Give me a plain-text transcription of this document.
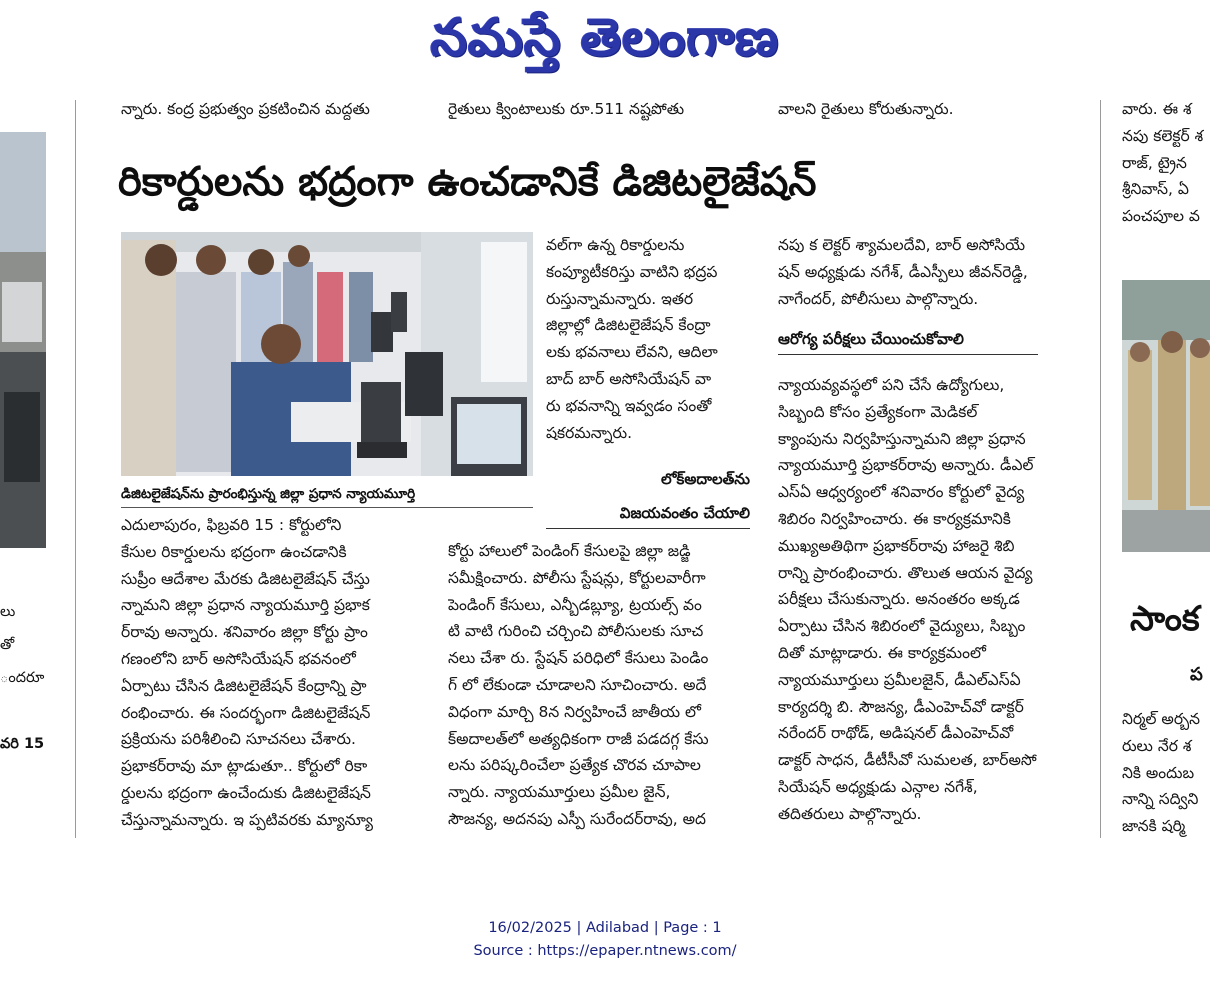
నమస్తే తెలంగాణ
న్నారు. కంద్ర ప్రభుత్వం ప్రకటించిన మద్దతు	రైతులు క్వింటాలుకు రూ.511 నష్టపోతు	వాలని రైతులు కోరుతున్నారు.
లు
తో
ందరూ
వరి 15
వారు. ఈ శ
నపు కలెక్టర్ శ
రాజ్, ట్రైన
శ్రీనివాస్, ఏ
పంచపూల వ
సాంక
ప
నిర్మల్ అర్బన
రులు నేర శ
నికి అందుబ
నాన్ని సద్విని
జానకి షర్మి
రికార్డులను భద్రంగా ఉంచడానికే డిజిటలైజేషన్
డిజిటలైజేషన్‌ను ప్రారంభిస్తున్న జిల్లా ప్రధాన న్యాయమూర్తి
ఎదులాపురం, ఫిబ్రవరి 15 : కోర్టులోని
కేసుల రికార్డులను భద్రంగా ఉంచడానికి
సుప్రీం ఆదేశాల మేరకు డిజిటలైజేషన్ చేస్తు
న్నామని జిల్లా ప్రధాన న్యాయమూర్తి ప్రభాక
ర్‌రావు అన్నారు. శనివారం జిల్లా కోర్టు ప్రాం
గణంలోని బార్ అసోసియేషన్ భవనంలో
ఏర్పాటు చేసిన డిజిటలైజేషన్ కేంద్రాన్ని ప్రా
రంభించారు. ఈ సందర్భంగా డిజిటలైజేషన్
ప్రక్రియను పరిశీలించి సూచనలు చేశారు.
ప్రభాకర్‌రావు మా ట్లాడుతూ.. కోర్టులో రికా
ర్డులను భద్రంగా ఉంచేందుకు డిజిటలైజేషన్
చేస్తున్నామన్నారు. ఇ ప్పటివరకు మ్యాన్యూ
వల్‌గా ఉన్న రికార్డులను
కంప్యూటీకరిస్తు వాటిని భద్రప
రుస్తున్నామన్నారు. ఇతర
జిల్లాల్లో డిజిటలైజేషన్ కేంద్రా
లకు భవనాలు లేవని, ఆదిలా
బాద్ బార్ అసోసియేషన్ వా
రు భవనాన్ని ఇవ్వడం సంతో
షకరమన్నారు.
లోక్‌అదాలత్‌ను
విజయవంతం చేయాలి
కోర్టు హాలులో పెండింగ్ కేసులపై జిల్లా జడ్జి
సమీక్షించారు. పోలీసు స్టేషన్లు, కోర్టులవారీగా
పెండింగ్ కేసులు, ఎన్బీడబ్ల్యూ, ట్రయల్స్ వం
టి వాటి గురించి చర్చించి పోలీసులకు సూచ
నలు చేశా రు. స్టేషన్ పరిధిలో కేసులు పెండిం
గ్ లో లేకుండా చూడాలని సూచించారు. అదే
విధంగా మార్చి 8న నిర్వహించే జాతీయ లో
క్‌అదాలత్‌లో అత్యధికంగా రాజీ పడదగ్గ కేసు
లను పరిష్కరించేలా ప్రత్యేక చొరవ చూపాల
న్నారు. న్యాయమూర్తులు ప్రమీల జైన్,
సౌజన్య, అదనపు ఎస్పీ సురేందర్‌రావు, అద
నపు క లెక్టర్ శ్యామలదేవి, బార్ అసోసియే
షన్ అధ్యక్షుడు నగేశ్, డీఎస్పీలు జీవన్‌రెడ్డి,
నాగేందర్, పోలీసులు పాల్గొన్నారు.
ఆరోగ్య పరీక్షలు చేయించుకోవాలి
న్యాయవ్యవస్థలో పని చేసే ఉద్యోగులు,
సిబ్బంది కోసం ప్రత్యేకంగా మెడికల్
క్యాంపును నిర్వహిస్తున్నామని జిల్లా ప్రధాన
న్యాయమూర్తి ప్రభాకర్‌రావు అన్నారు. డీఎల్
ఎస్ఏ ఆధ్వర్యంలో శనివారం కోర్టులో వైద్య
శిబిరం నిర్వహించారు. ఈ కార్యక్రమానికి
ముఖ్యఅతిథిగా ప్రభాకర్‌రావు హాజరై శిబి
రాన్ని ప్రారంభించారు. తొలుత ఆయన వైద్య
పరీక్షలు చేసుకున్నారు. అనంతరం అక్కడ
ఏర్పాటు చేసిన శిబిరంలో వైద్యులు, సిబ్బం
దితో మాట్లాడారు. ఈ కార్యక్రమంలో
న్యాయమూర్తులు ప్రమీలజైన్, డీఎల్ఎస్ఏ
కార్యదర్శి బి. సౌజన్య, డీఎంహెచ్‌వో డాక్టర్
నరేందర్ రాథోడ్, అడిషనల్ డీఎంహెచ్‌వో
డాక్టర్ సాధన, డీటీసీవో సుమలత, బార్‌అసో
సియేషన్ అధ్యక్షుడు ఎన్గాల నగేశ్,
తదితరులు పాల్గొన్నారు.
16/02/2025 | Adilabad | Page : 1
Source : https://epaper.ntnews.com/
